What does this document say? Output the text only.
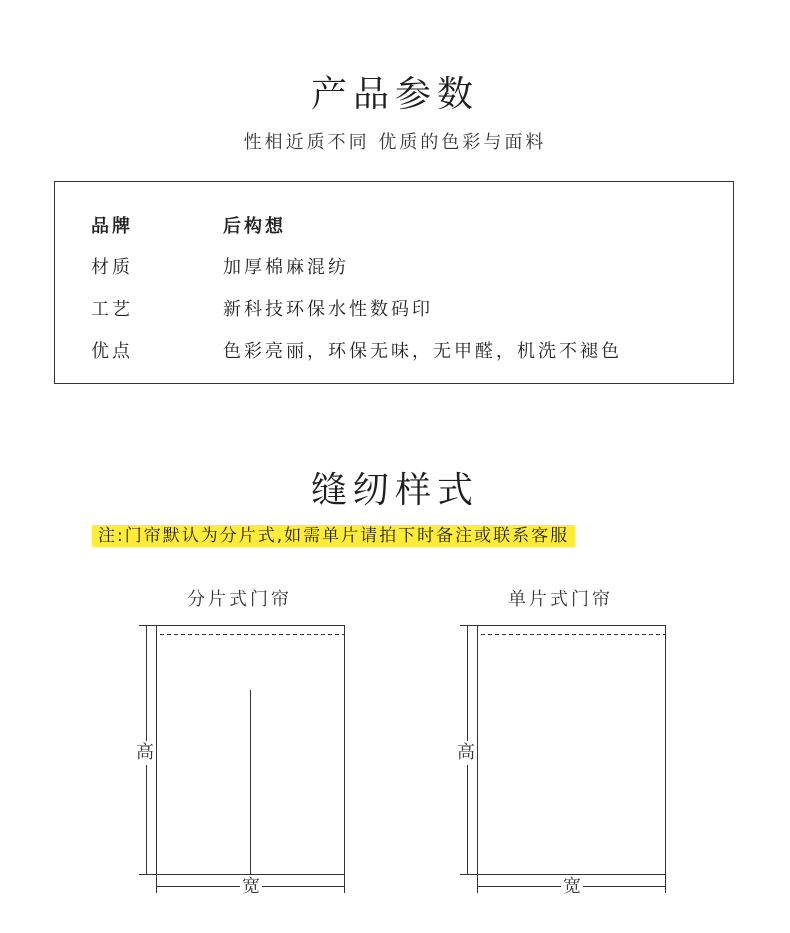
产品参数
性相近质不同 优质的色彩与面料
品牌	后构想
材质	加厚棉麻混纺
工艺	新科技环保水性数码印
优点	色彩亮丽，环保无味，无甲醛，机洗不褪色
缝纫样式
注:门帘默认为分片式,如需单片请拍下时备注或联系客服
分片式门帘	单片式门帘
高
宽
高
宽
